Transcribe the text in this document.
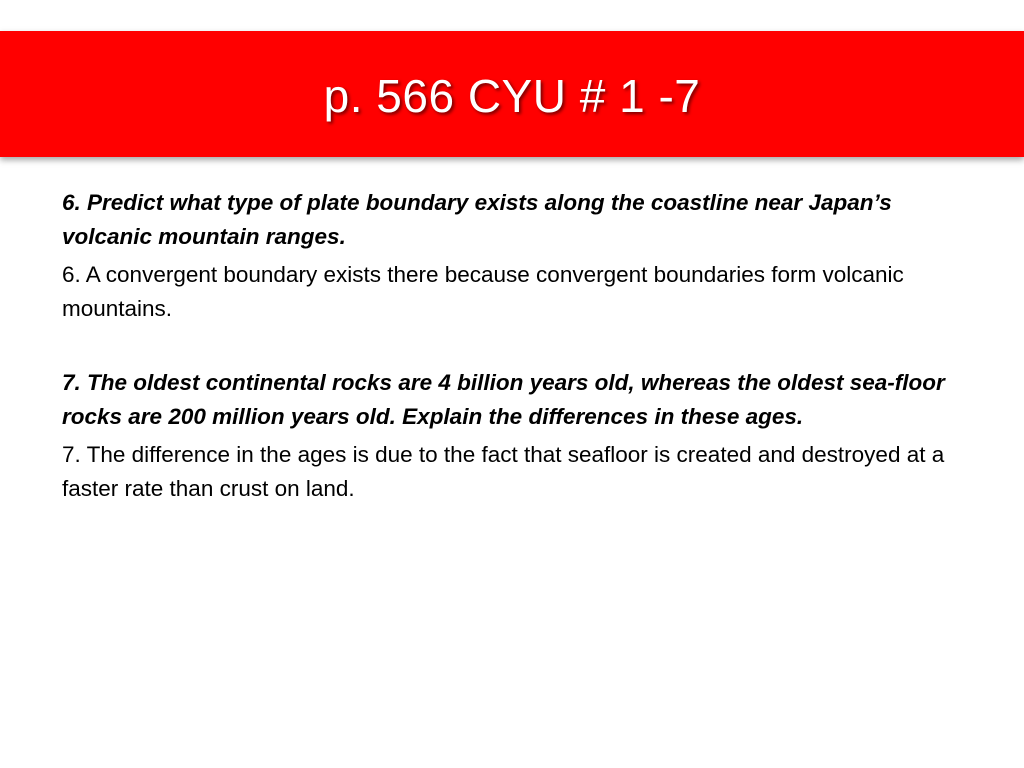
p. 566 CYU # 1 -7

6. Predict what type of plate boundary exists along the coastline near Japan’s volcanic mountain ranges.

6. A convergent boundary exists there because convergent boundaries form volcanic mountains.

7. The oldest continental rocks are 4 billion years old, whereas the oldest sea-floor rocks are 200 million years old. Explain the differences in these ages.

7. The difference in the ages is due to the fact that seafloor is created and destroyed at a faster rate than crust on land.
